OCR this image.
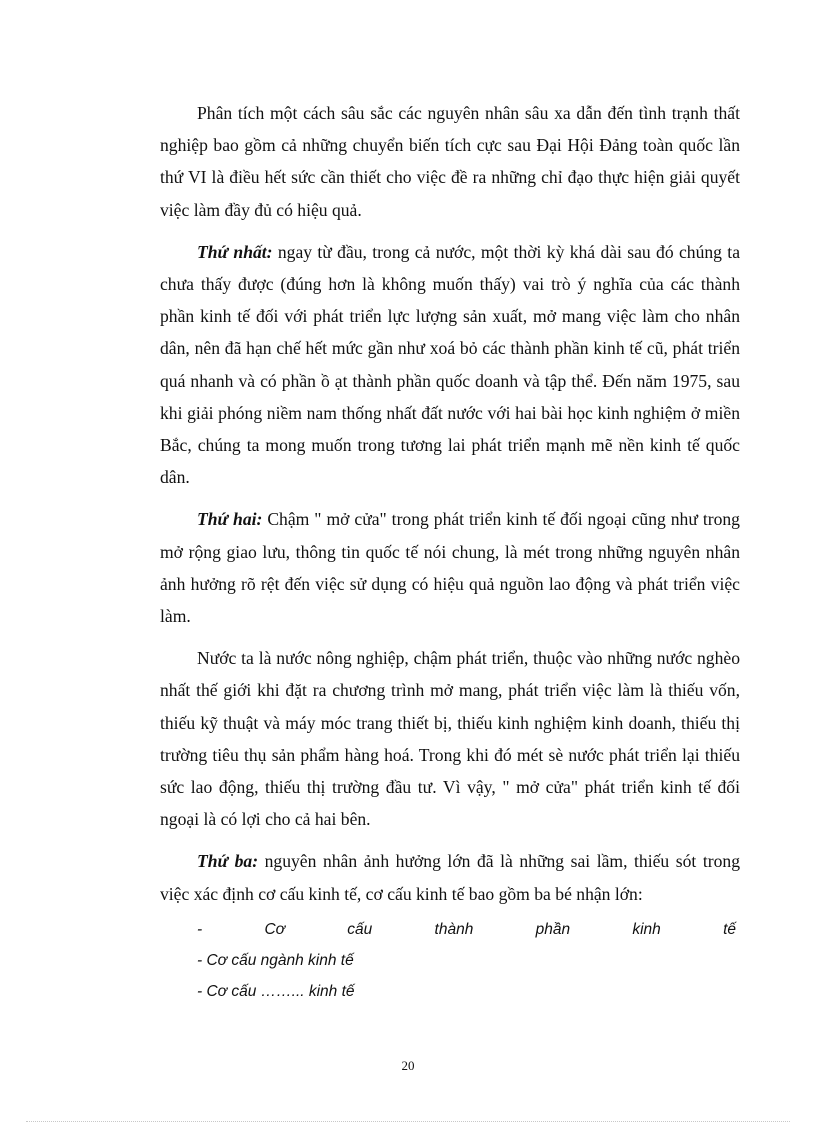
Phân tích một cách sâu sắc các nguyên nhân sâu xa dẫn đến tình trạnh thất nghiệp bao gồm cả những chuyển biến tích cực sau Đại Hội Đảng toàn quốc lần thứ VI là điều hết sức cần thiết cho việc đề ra những chỉ đạo thực hiện giải quyết việc làm đầy đủ có hiệu quả.

Thứ nhất: ngay từ đầu, trong cả nước, một thời kỳ khá dài sau đó chúng ta chưa thấy được (đúng hơn là không muốn thấy) vai trò ý nghĩa của các thành phần kinh tế đối với phát triển lực lượng sản xuất, mở mang việc làm cho nhân dân, nên đã hạn chế hết mức gần như xoá bỏ các thành phần kinh tế cũ, phát triển quá nhanh và có phần ồ ạt thành phần quốc doanh và tập thể. Đến năm 1975, sau khi giải phóng niềm nam thống nhất đất nước với hai bài học kinh nghiệm ở miền Bắc, chúng ta mong muốn trong tương lai phát triển mạnh mẽ nền kinh tế quốc dân.

Thứ hai: Chậm " mở cửa" trong phát triển kinh tế đối ngoại cũng như trong mở rộng giao lưu, thông tin quốc tế nói chung, là mét trong những nguyên nhân ảnh hưởng rõ rệt đến việc sử dụng có hiệu quả nguồn lao động và phát triển việc làm.

Nước ta là nước nông nghiệp, chậm phát triển, thuộc vào những nước nghèo nhất thế giới khi đặt ra chương trình mở mang, phát triển việc làm là thiếu vốn, thiếu kỹ thuật và máy móc trang thiết bị, thiếu kinh nghiệm kinh doanh, thiếu thị trường tiêu thụ sản phẩm hàng hoá. Trong khi đó mét sè nước phát triển lại thiếu sức lao động, thiếu thị trường đầu tư. Vì vậy, " mở cửa" phát triển kinh tế đối ngoại là có lợi cho cả hai bên.

Thứ ba: nguyên nhân ảnh hưởng lớn đã là những sai lầm, thiếu sót trong việc xác định cơ cấu kinh tế, cơ cấu kinh tế bao gồm ba bé nhận lớn:

-	Cơ	cấu	thành	phần	kinh	tế
- Cơ cấu ngành kinh tế
- Cơ cấu ……... kinh tế
20
